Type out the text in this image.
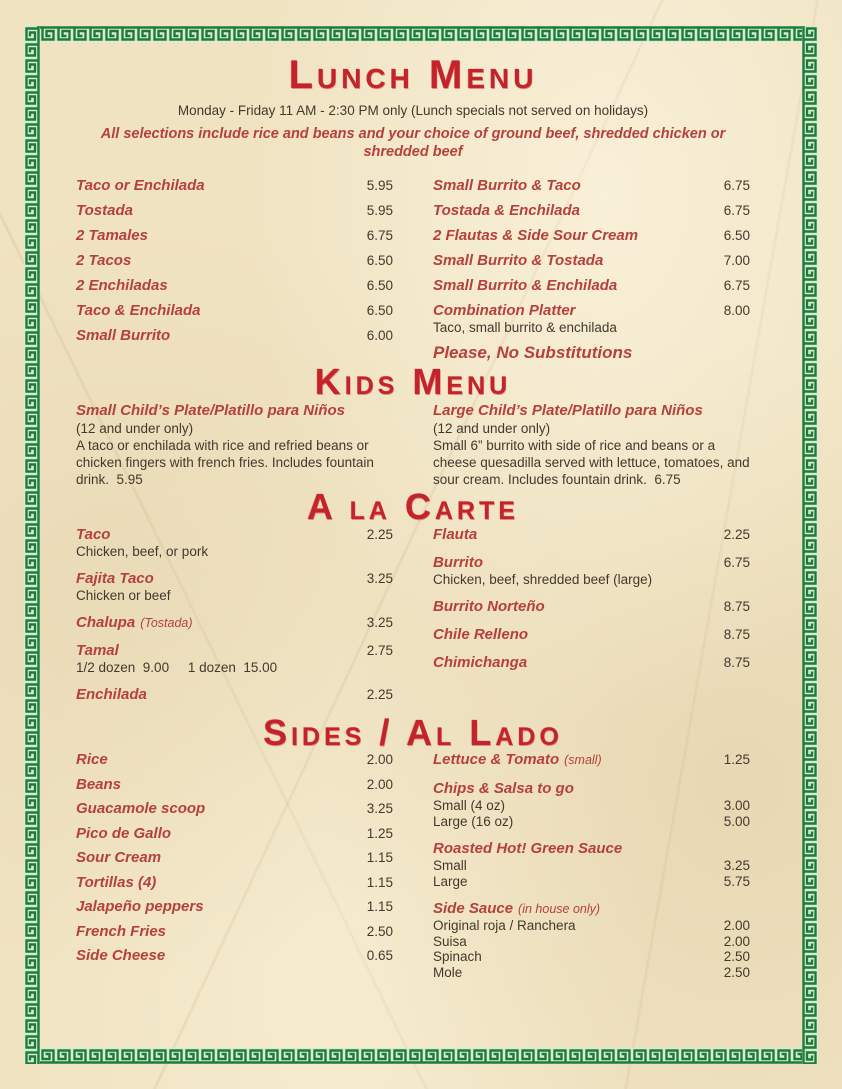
Lunch Menu
Monday - Friday 11 AM - 2:30 PM only (Lunch specials not served on holidays)
All selections include rice and beans and your choice of ground beef, shredded chicken or shredded beef
Taco or Enchilada	5.95
Tostada	5.95
2 Tamales	6.75
2 Tacos	6.50
2 Enchiladas	6.50
Taco & Enchilada	6.50
Small Burrito	6.00
Small Burrito & Taco	6.75
Tostada & Enchilada	6.75
2 Flautas & Side Sour Cream	6.50
Small Burrito & Tostada	7.00
Small Burrito & Enchilada	6.75
Combination Platter	8.00
Taco, small burrito & enchilada
Please, No Substitutions
Kids Menu
Small Child’s Plate/Platillo para Niños
(12 and under only)
A taco or enchilada with rice and refried beans or chicken fingers with french fries. Includes fountain drink.  5.95
Large Child’s Plate/Platillo para Niños
(12 and under only)
Small 6” burrito with side of rice and beans or a cheese quesadilla served with lettuce, tomatoes, and sour cream. Includes fountain drink.  6.75
A la Carte
Taco	2.25
Chicken, beef, or pork
Fajita Taco	3.25
Chicken or beef
Chalupa (Tostada)	3.25
Tamal	2.75
1/2 dozen  9.00     1 dozen  15.00
Enchilada	2.25
Flauta	2.25
Burrito	6.75
Chicken, beef, shredded beef (large)
Burrito Norteño	8.75
Chile Relleno	8.75
Chimichanga	8.75
Sides / Al Lado
Rice	2.00
Beans	2.00
Guacamole scoop	3.25
Pico de Gallo	1.25
Sour Cream	1.15
Tortillas (4)	1.15
Jalapeño peppers	1.15
French Fries	2.50
Side Cheese	0.65
Lettuce & Tomato (small)	1.25
Chips & Salsa to go
Small (4 oz)	3.00
Large (16 oz)	5.00
Roasted Hot! Green Sauce
Small	3.25
Large	5.75
Side Sauce (in house only)
Original roja / Ranchera	2.00
Suisa	2.00
Spinach	2.50
Mole	2.50
